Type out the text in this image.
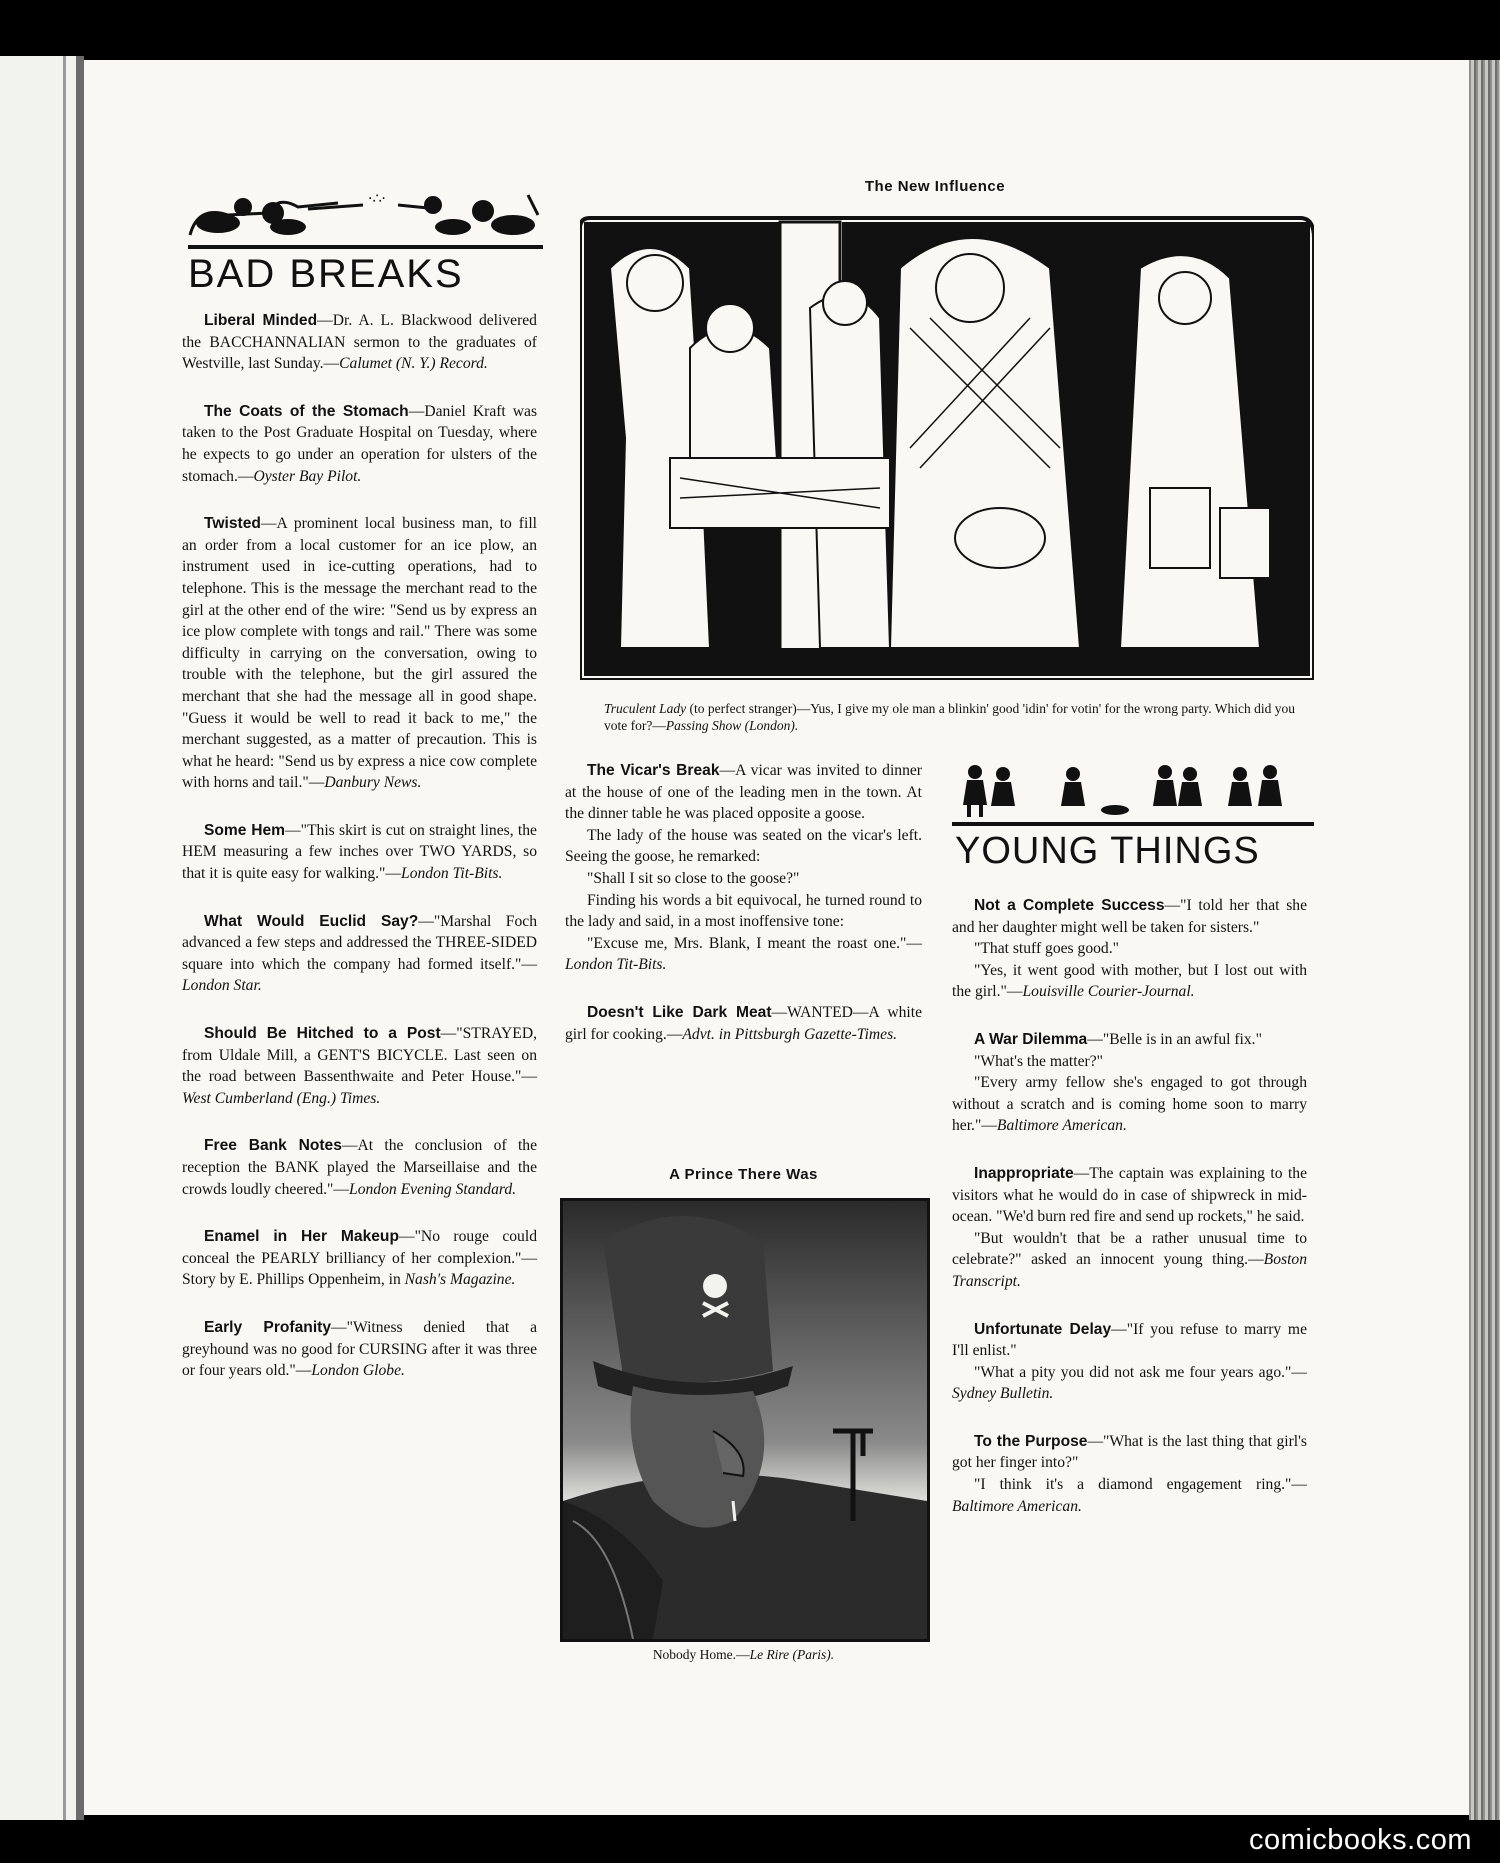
·∴·
BAD BREAKS

Liberal Minded—Dr. A. L. Blackwood delivered the BACCHANNALIAN sermon to the graduates of Westville, last Sunday.—Calumet (N. Y.) Record.

The Coats of the Stomach—Daniel Kraft was taken to the Post Graduate Hospital on Tuesday, where he expects to go under an operation for ulsters of the stomach.—Oyster Bay Pilot.

Twisted—A prominent local business man, to fill an order from a local customer for an ice plow, an instrument used in ice-cutting operations, had to telephone. This is the message the merchant read to the girl at the other end of the wire: "Send us by express an ice plow complete with tongs and rail." There was some difficulty in carrying on the conversation, owing to trouble with the telephone, but the girl assured the merchant that she had the message all in good shape. "Guess it would be well to read it back to me," the merchant suggested, as a matter of precaution. This is what he heard: "Send us by express a nice cow complete with horns and tail."—Danbury News.

Some Hem—"This skirt is cut on straight lines, the HEM measuring a few inches over TWO YARDS, so that it is quite easy for walking."—London Tit-Bits.

What Would Euclid Say?—"Marshal Foch advanced a few steps and addressed the THREE-SIDED square into which the company had formed itself."—London Star.

Should Be Hitched to a Post—"STRAYED, from Uldale Mill, a GENT'S BICYCLE. Last seen on the road between Bassenthwaite and Peter House."—West Cumberland (Eng.) Times.

Free Bank Notes—At the conclusion of the reception the BANK played the Marseillaise and the crowds loudly cheered."—London Evening Standard.

Enamel in Her Makeup—"No rouge could conceal the PEARLY brilliancy of her complexion."—Story by E. Phillips Oppenheim, in Nash's Magazine.

Early Profanity—"Witness denied that a greyhound was no good for CURSING after it was three or four years old."—London Globe.

The New Influence
Truculent Lady (to perfect stranger)—Yus, I give my ole man a blinkin' good 'idin' for votin' for the wrong party. Which did you vote for?—Passing Show (London).

The Vicar's Break—A vicar was invited to dinner at the house of one of the leading men in the town. At the dinner table he was placed opposite a goose.

The lady of the house was seated on the vicar's left. Seeing the goose, he remarked:

"Shall I sit so close to the goose?"

Finding his words a bit equivocal, he turned round to the lady and said, in a most inoffensive tone:

"Excuse me, Mrs. Blank, I meant the roast one."—London Tit-Bits.

Doesn't Like Dark Meat—WANTED—A white girl for cooking.—Advt. in Pittsburgh Gazette-Times.

A Prince There Was
Nobody Home.—Le Rire (Paris).
YOUNG THINGS

Not a Complete Success—"I told her that she and her daughter might well be taken for sisters."

"That stuff goes good."

"Yes, it went good with mother, but I lost out with the girl."—Louisville Courier-Journal.

A War Dilemma—"Belle is in an awful fix."

"What's the matter?"

"Every army fellow she's engaged to got through without a scratch and is coming home soon to marry her."—Baltimore American.

Inappropriate—The captain was explaining to the visitors what he would do in case of shipwreck in mid-ocean. "We'd burn red fire and send up rockets," he said.

"But wouldn't that be a rather unusual time to celebrate?" asked an innocent young thing.—Boston Transcript.

Unfortunate Delay—"If you refuse to marry me I'll enlist."

"What a pity you did not ask me four years ago."—Sydney Bulletin.

To the Purpose—"What is the last thing that girl's got her finger into?"

"I think it's a diamond engagement ring."—Baltimore American.

comicbooks.com
